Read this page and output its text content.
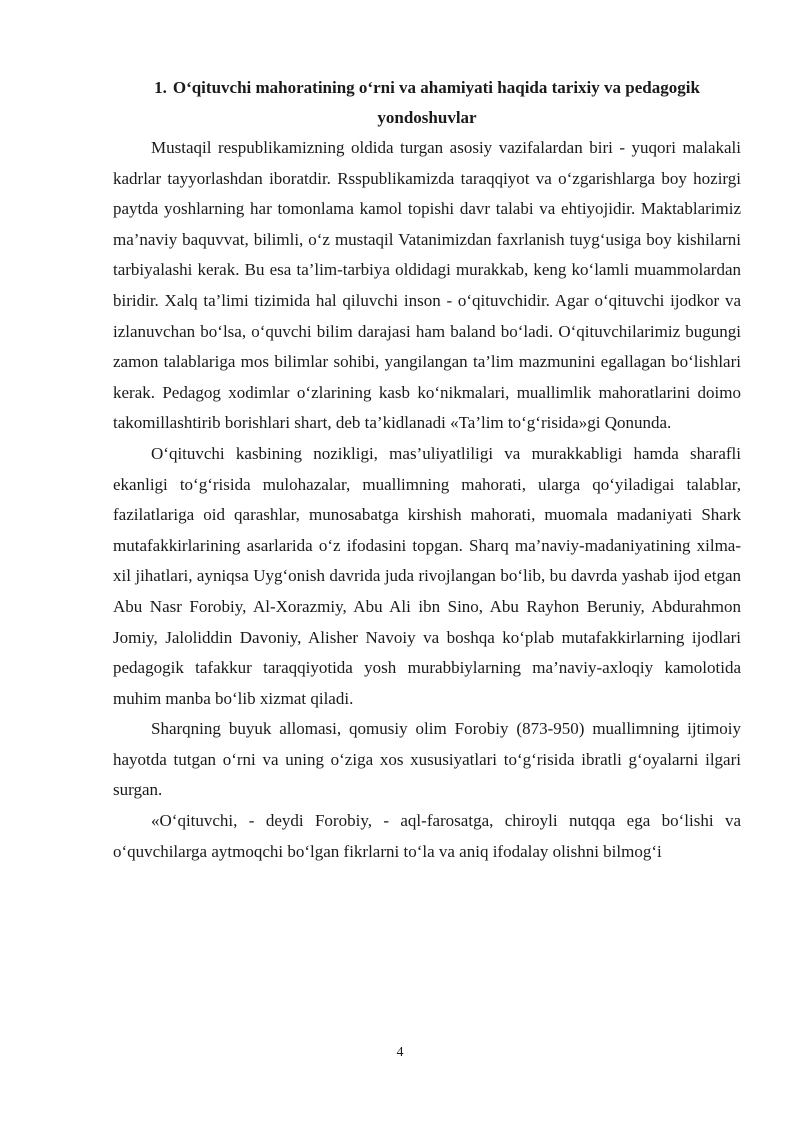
1. O‘qituvchi mahoratining o‘rni va ahamiyati haqida tarixiy va pedagogik yondoshuvlar

Mustaqil respublikamizning oldida turgan asosiy vazifalardan biri - yuqori malakali kadrlar tayyorlashdan iboratdir. Rsspublikamizda taraqqiyot va o‘zgarishlarga boy hozirgi paytda yoshlarning har tomonlama kamol topishi davr talabi va ehtiyojidir. Maktablarimiz ma’naviy baquvvat, bilimli, o‘z mustaqil Vatanimizdan faxrlanish tuyg‘usiga boy kishilarni tarbiyalashi kerak. Bu esa ta’lim-tarbiya oldidagi murakkab, keng ko‘lamli muammolardan biridir. Xalq ta’limi tizimida hal qiluvchi inson - o‘qituvchidir. Agar o‘qituvchi ijodkor va izlanuvchan bo‘lsa, o‘quvchi bilim darajasi ham baland bo‘ladi. O‘qituvchilarimiz bugungi zamon talablariga mos bilimlar sohibi, yangilangan ta’lim mazmunini egallagan bo‘lishlari kerak. Pedagog xodimlar o‘zlarining kasb ko‘nikmalari, muallimlik mahoratlarini doimo takomillashtirib borishlari shart, deb ta’kidlanadi «Ta’lim to‘g‘risida»gi Qonunda.

O‘qituvchi kasbining nozikligi, mas’uliyatliligi va murakkabligi hamda sharafli ekanligi to‘g‘risida mulohazalar, muallimning mahorati, ularga qo‘yiladigai talablar, fazilatlariga oid qarashlar, munosabatga kirshish mahorati, muomala madaniyati Shark mutafakkirlarining asarlarida o‘z ifodasini topgan. Sharq ma’naviy-madaniyatining xilma-xil jihatlari, ayniqsa Uyg‘onish davrida juda rivojlangan bo‘lib, bu davrda yashab ijod etgan Abu Nasr Forobiy, Al-Xorazmiy, Abu Ali ibn Sino, Abu Rayhon Beruniy, Abdurahmon Jomiy, Jaloliddin Davoniy, Alisher Navoiy va boshqa ko‘plab mutafakkirlarning ijodlari pedagogik tafakkur taraqqiyotida yosh murabbiylarning ma’naviy-axloqiy kamolotida muhim manba bo‘lib xizmat qiladi.

Sharqning buyuk allomasi, qomusiy olim Forobiy (873-950) muallimning ijtimoiy hayotda tutgan o‘rni va uning o‘ziga xos xususiyatlari to‘g‘risida ibratli g‘oyalarni ilgari surgan.

«O‘qituvchi, - deydi Forobiy, - aql-farosatga, chiroyli nutqqa ega bo‘lishi va o‘quvchilarga aytmoqchi bo‘lgan fikrlarni to‘la va aniq ifodalay olishni bilmog‘i

4
